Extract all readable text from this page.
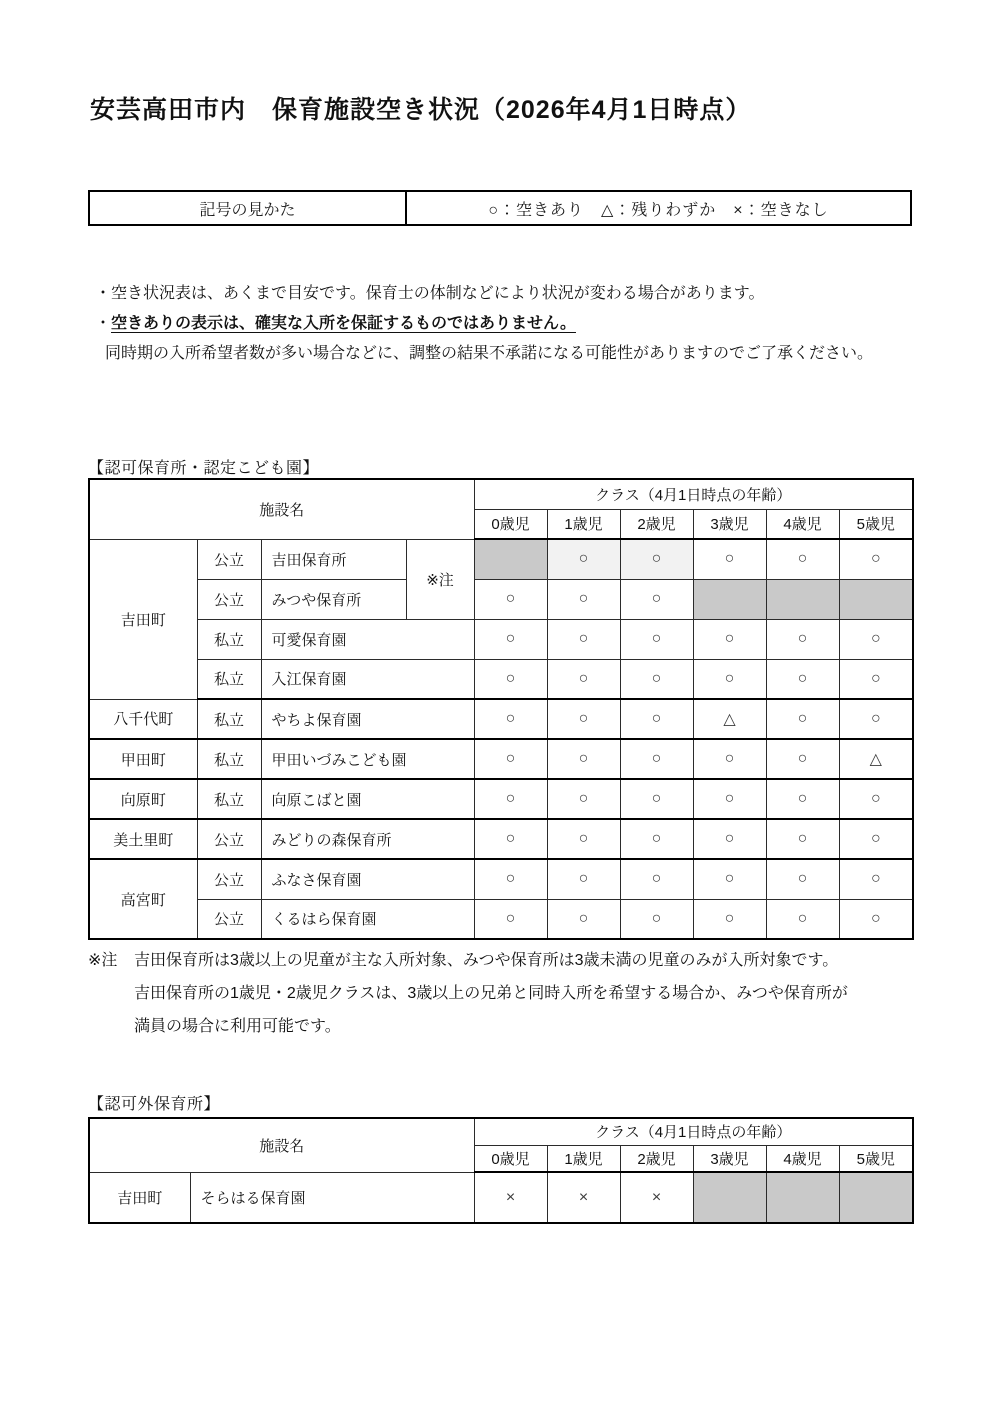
安芸高田市内　保育施設空き状況（2026年4月1日時点）
記号の見かた	○：空きあり　△：残りわずか　×：空きなし
・空き状況表は、あくまで目安です。保育士の体制などにより状況が変わる場合があります。
・空きありの表示は、確実な入所を保証するものではありません。
同時期の入所希望者数が多い場合などに、調整の結果不承諾になる可能性がありますのでご了承ください。
【認可保育所・認定こども園】
施設名				クラス（4月1日時点の年齢）					
				0歳児	1歳児	2歳児	3歳児	4歳児	5歳児
吉田町	公立	吉田保育所	※注		○	○	○	○	○
	公立	みつや保育所		○	○	○			
	私立	可愛保育園		○	○	○	○	○	○
	私立	入江保育園		○	○	○	○	○	○
八千代町	私立	やちよ保育園		○	○	○	△	○	○
甲田町	私立	甲田いづみこども園		○	○	○	○	○	△
向原町	私立	向原こばと園		○	○	○	○	○	○
美土里町	公立	みどりの森保育所		○	○	○	○	○	○
高宮町	公立	ふなさ保育園		○	○	○	○	○	○
	公立	くるはら保育園		○	○	○	○	○	○
※注	吉田保育所は3歳以上の児童が主な入所対象、みつや保育所は3歳未満の児童のみが入所対象です。
吉田保育所の1歳児・2歳児クラスは、3歳以上の兄弟と同時入所を希望する場合か、みつや保育所が
満員の場合に利用可能です。
【認可外保育所】
施設名		クラス（4月1日時点の年齢）					
		0歳児	1歳児	2歳児	3歳児	4歳児	5歳児
吉田町	そらはる保育園	×	×	×			
